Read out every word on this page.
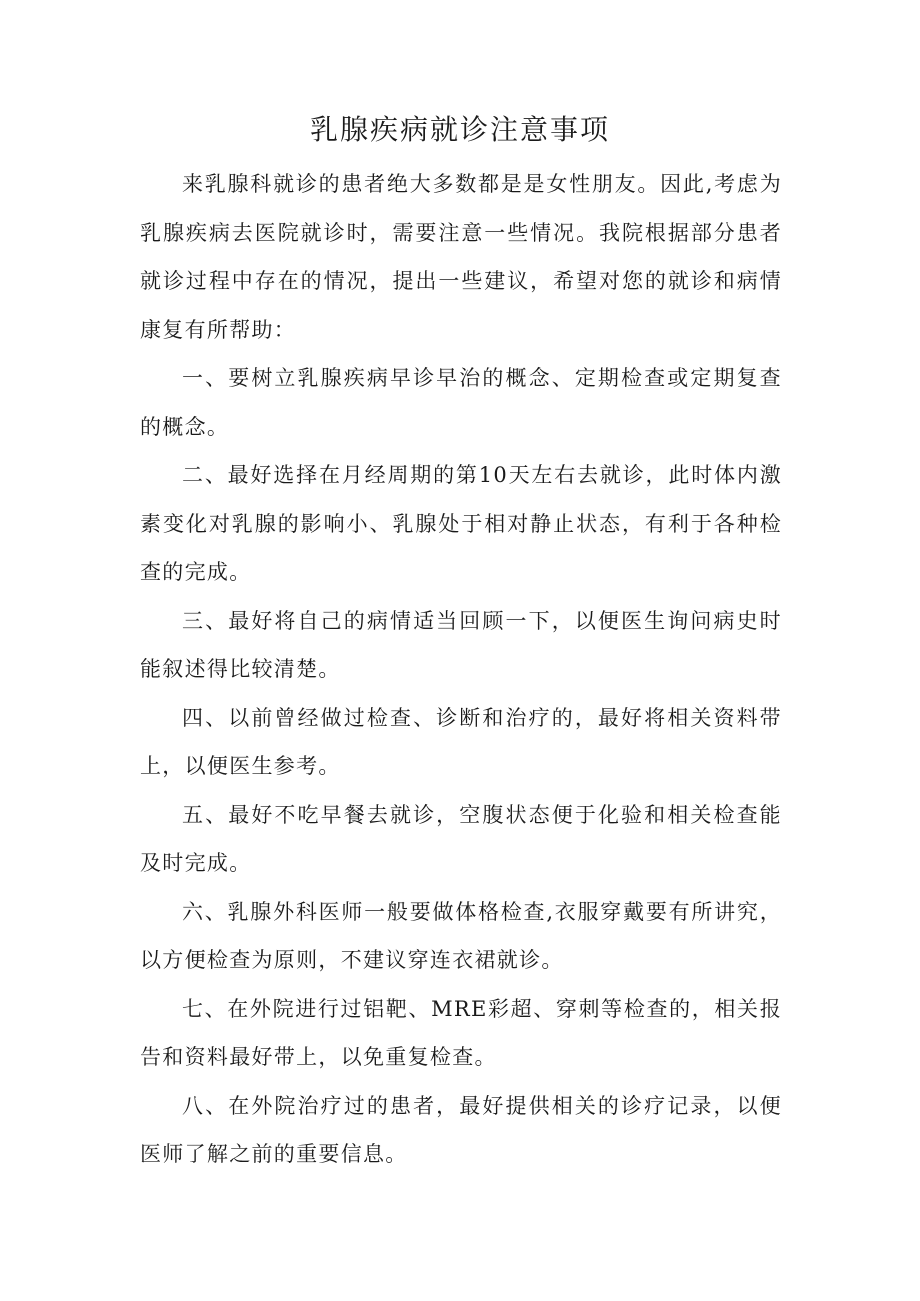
乳腺疾病就诊注意事项

来乳腺科就诊的患者绝大多数都是是女性朋友。因此,考虑为乳腺疾病去医院就诊时，需要注意一些情况。我院根据部分患者就诊过程中存在的情况，提出一些建议，希望对您的就诊和病情康复有所帮助：

一、要树立乳腺疾病早诊早治的概念、定期检查或定期复查的概念。

二、最好选择在月经周期的第10天左右去就诊，此时体内激素变化对乳腺的影响小、乳腺处于相对静止状态，有利于各种检查的完成。

三、最好将自己的病情适当回顾一下，以便医生询问病史时能叙述得比较清楚。

四、以前曾经做过检查、诊断和治疗的，最好将相关资料带上，以便医生参考。

五、最好不吃早餐去就诊，空腹状态便于化验和相关检查能及时完成。

六、乳腺外科医师一般要做体格检查,衣服穿戴要有所讲究，以方便检查为原则，不建议穿连衣裙就诊。

七、在外院进行过铝靶、MRE彩超、穿刺等检查的，相关报告和资料最好带上，以免重复检查。

八、在外院治疗过的患者，最好提供相关的诊疗记录，以便医师了解之前的重要信息。
